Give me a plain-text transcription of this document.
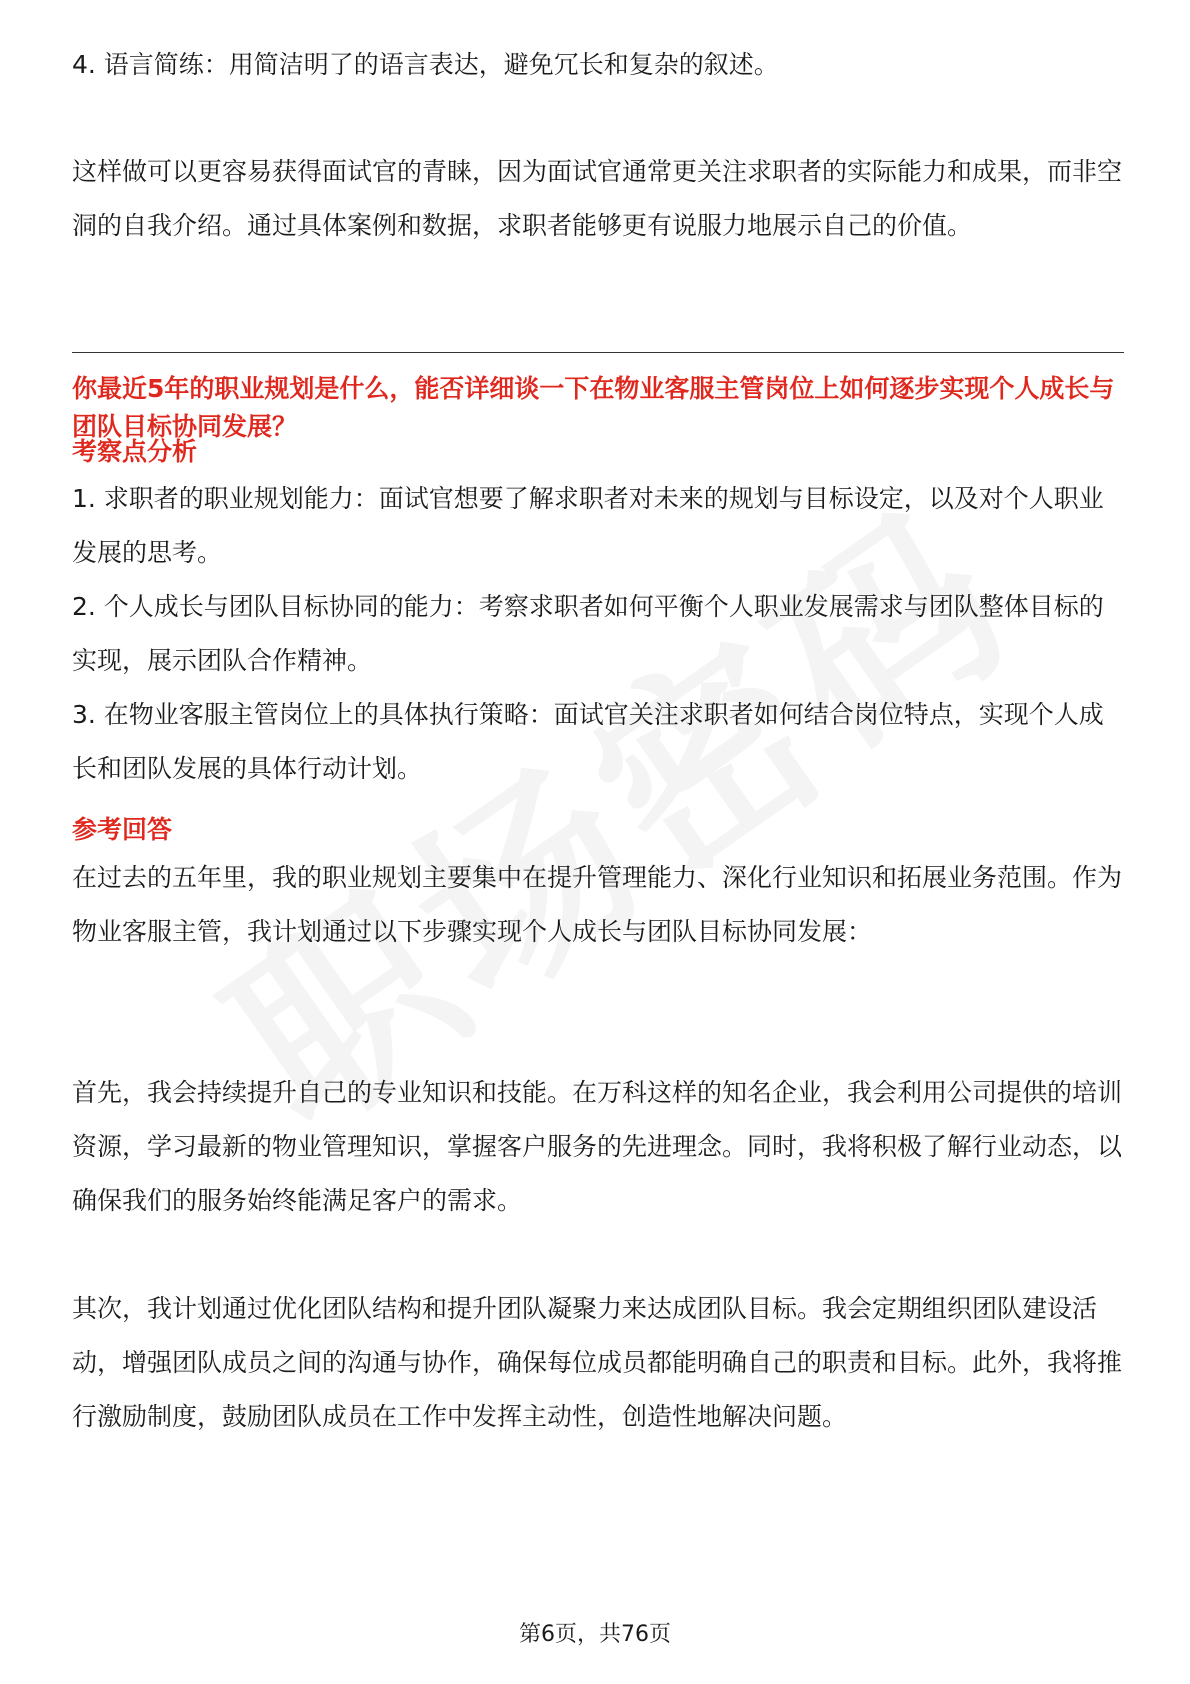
4. 语言简练：用简洁明了的语言表达，避免冗长和复杂的叙述。

这样做可以更容易获得面试官的青睐，因为面试官通常更关注求职者的实际能力和成果，而非空洞的自我介绍。通过具体案例和数据，求职者能够更有说服力地展示自己的价值。

你最近5年的职业规划是什么，能否详细谈一下在物业客服主管岗位上如何逐步实现个人成长与团队目标协同发展？

考察点分析

1. 求职者的职业规划能力：面试官想要了解求职者对未来的规划与目标设定，以及对个人职业发展的思考。

2. 个人成长与团队目标协同的能力：考察求职者如何平衡个人职业发展需求与团队整体目标的实现，展示团队合作精神。

3. 在物业客服主管岗位上的具体执行策略：面试官关注求职者如何结合岗位特点，实现个人成长和团队发展的具体行动计划。

参考回答

在过去的五年里，我的职业规划主要集中在提升管理能力、深化行业知识和拓展业务范围。作为物业客服主管，我计划通过以下步骤实现个人成长与团队目标协同发展：

首先，我会持续提升自己的专业知识和技能。在万科这样的知名企业，我会利用公司提供的培训资源，学习最新的物业管理知识，掌握客户服务的先进理念。同时，我将积极了解行业动态，以确保我们的服务始终能满足客户的需求。

其次，我计划通过优化团队结构和提升团队凝聚力来达成团队目标。我会定期组织团队建设活动，增强团队成员之间的沟通与协作，确保每位成员都能明确自己的职责和目标。此外，我将推行激励制度，鼓励团队成员在工作中发挥主动性，创造性地解决问题。

第6页，共76页
